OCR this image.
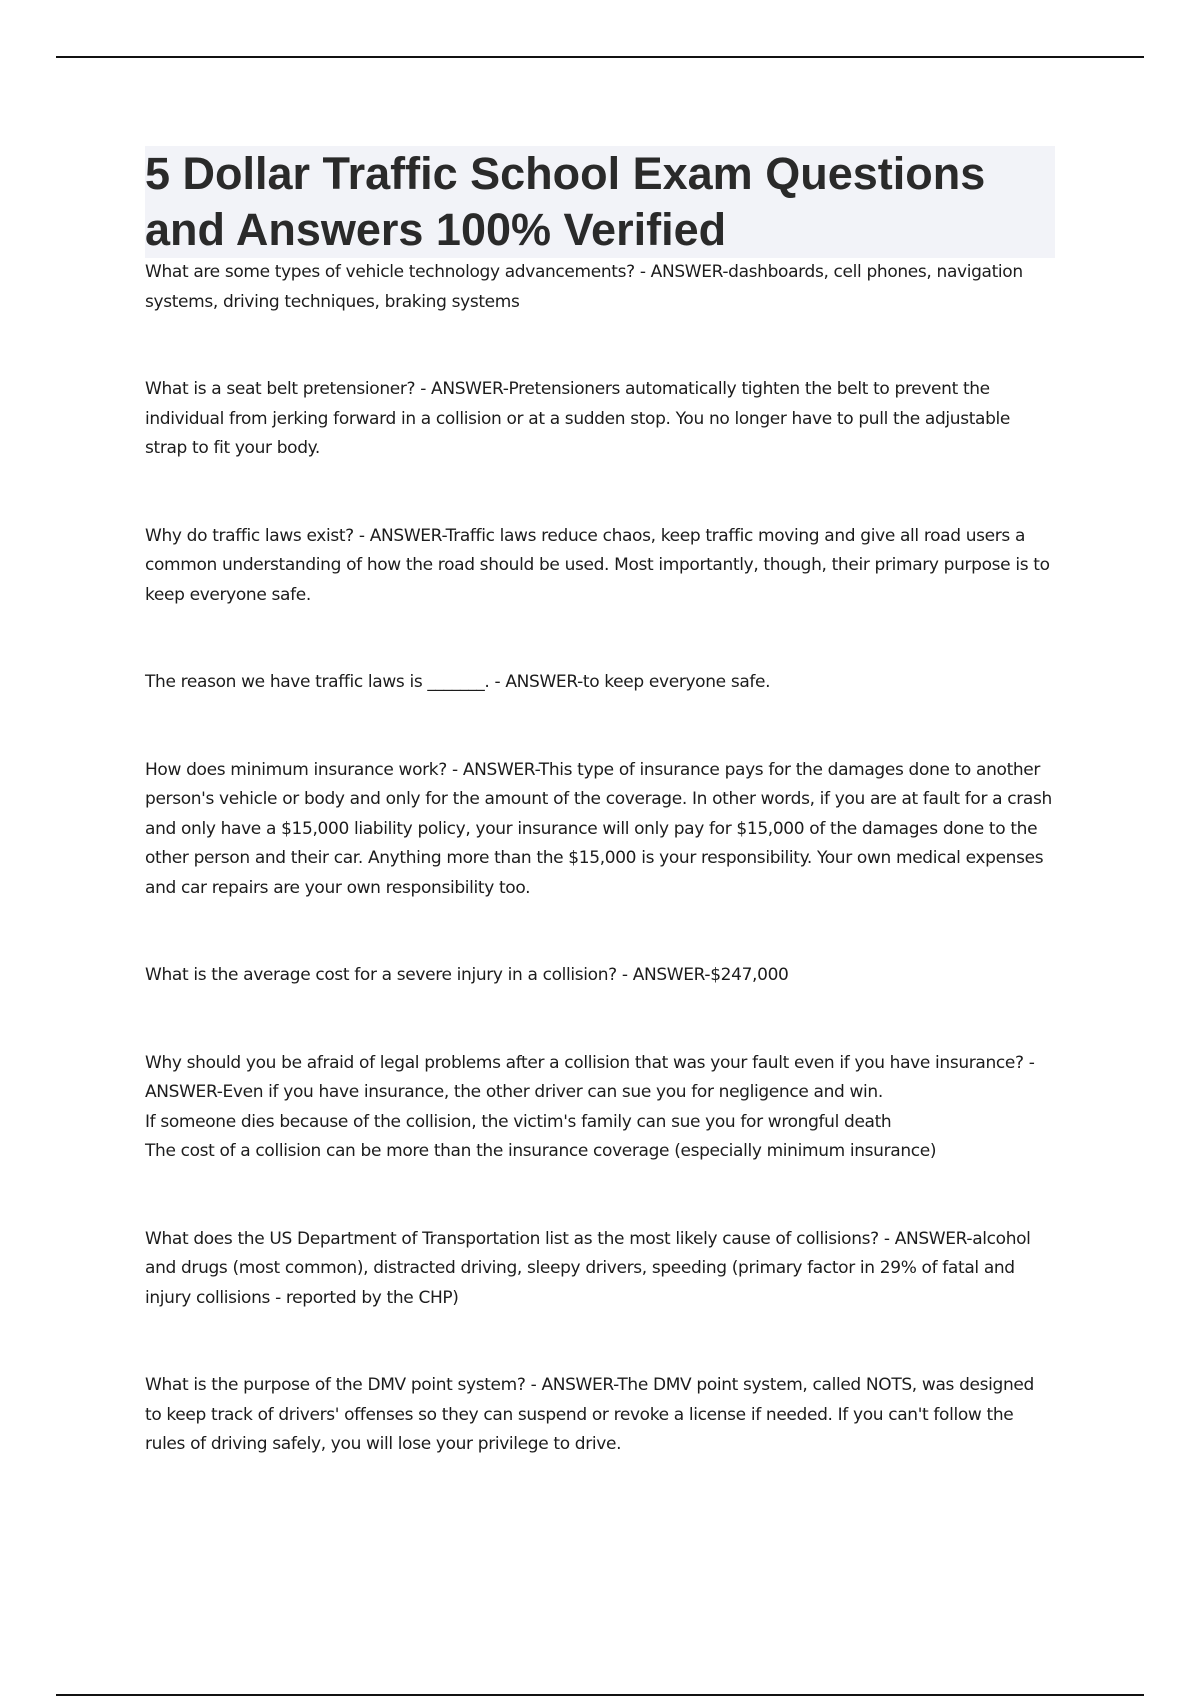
5 Dollar Traffic School Exam Questions and Answers 100% Verified

What are some types of vehicle technology advancements? - ANSWER-dashboards, cell phones, navigation systems, driving techniques, braking systems

What is a seat belt pretensioner? - ANSWER-Pretensioners automatically tighten the belt to prevent the individual from jerking forward in a collision or at a sudden stop. You no longer have to pull the adjustable strap to fit your body.

Why do traffic laws exist? - ANSWER-Traffic laws reduce chaos, keep traffic moving and give all road users a common understanding of how the road should be used. Most importantly, though, their primary purpose is to keep everyone safe.

The reason we have traffic laws is _______. - ANSWER-to keep everyone safe.

How does minimum insurance work? - ANSWER-This type of insurance pays for the damages done to another person's vehicle or body and only for the amount of the coverage. In other words, if you are at fault for a crash and only have a $15,000 liability policy, your insurance will only pay for $15,000 of the damages done to the other person and their car. Anything more than the $15,000 is your responsibility. Your own medical expenses and car repairs are your own responsibility too.

What is the average cost for a severe injury in a collision? - ANSWER-$247,000

Why should you be afraid of legal problems after a collision that was your fault even if you have insurance? - ANSWER-Even if you have insurance, the other driver can sue you for negligence and win.

If someone dies because of the collision, the victim's family can sue you for wrongful death

The cost of a collision can be more than the insurance coverage (especially minimum insurance)

What does the US Department of Transportation list as the most likely cause of collisions? - ANSWER-alcohol and drugs (most common), distracted driving, sleepy drivers, speeding (primary factor in 29% of fatal and injury collisions - reported by the CHP)

What is the purpose of the DMV point system? - ANSWER-The DMV point system, called NOTS, was designed to keep track of drivers' offenses so they can suspend or revoke a license if needed. If you can't follow the rules of driving safely, you will lose your privilege to drive.
